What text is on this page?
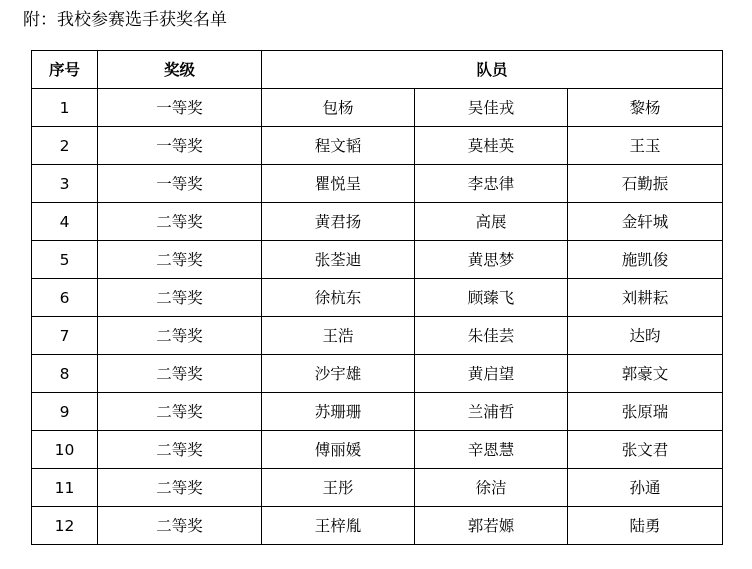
附：我校参赛选手获奖名单
序号	奖级	队员		
1	一等奖	包杨	吴佳戎	黎杨
2	一等奖	程文韬	莫桂英	王玉
3	一等奖	瞿悦呈	李忠律	石勤振
4	二等奖	黄君扬	高展	金轩城
5	二等奖	张荃迪	黄思梦	施凯俊
6	二等奖	徐杭东	顾臻飞	刘耕耘
7	二等奖	王浩	朱佳芸	达昀
8	二等奖	沙宇雄	黄启望	郭豪文
9	二等奖	苏珊珊	兰浦哲	张原瑞
10	二等奖	傅丽媛	辛恩慧	张文君
11	二等奖	王彤	徐洁	孙通
12	二等奖	王梓胤	郭若嫄	陆勇
